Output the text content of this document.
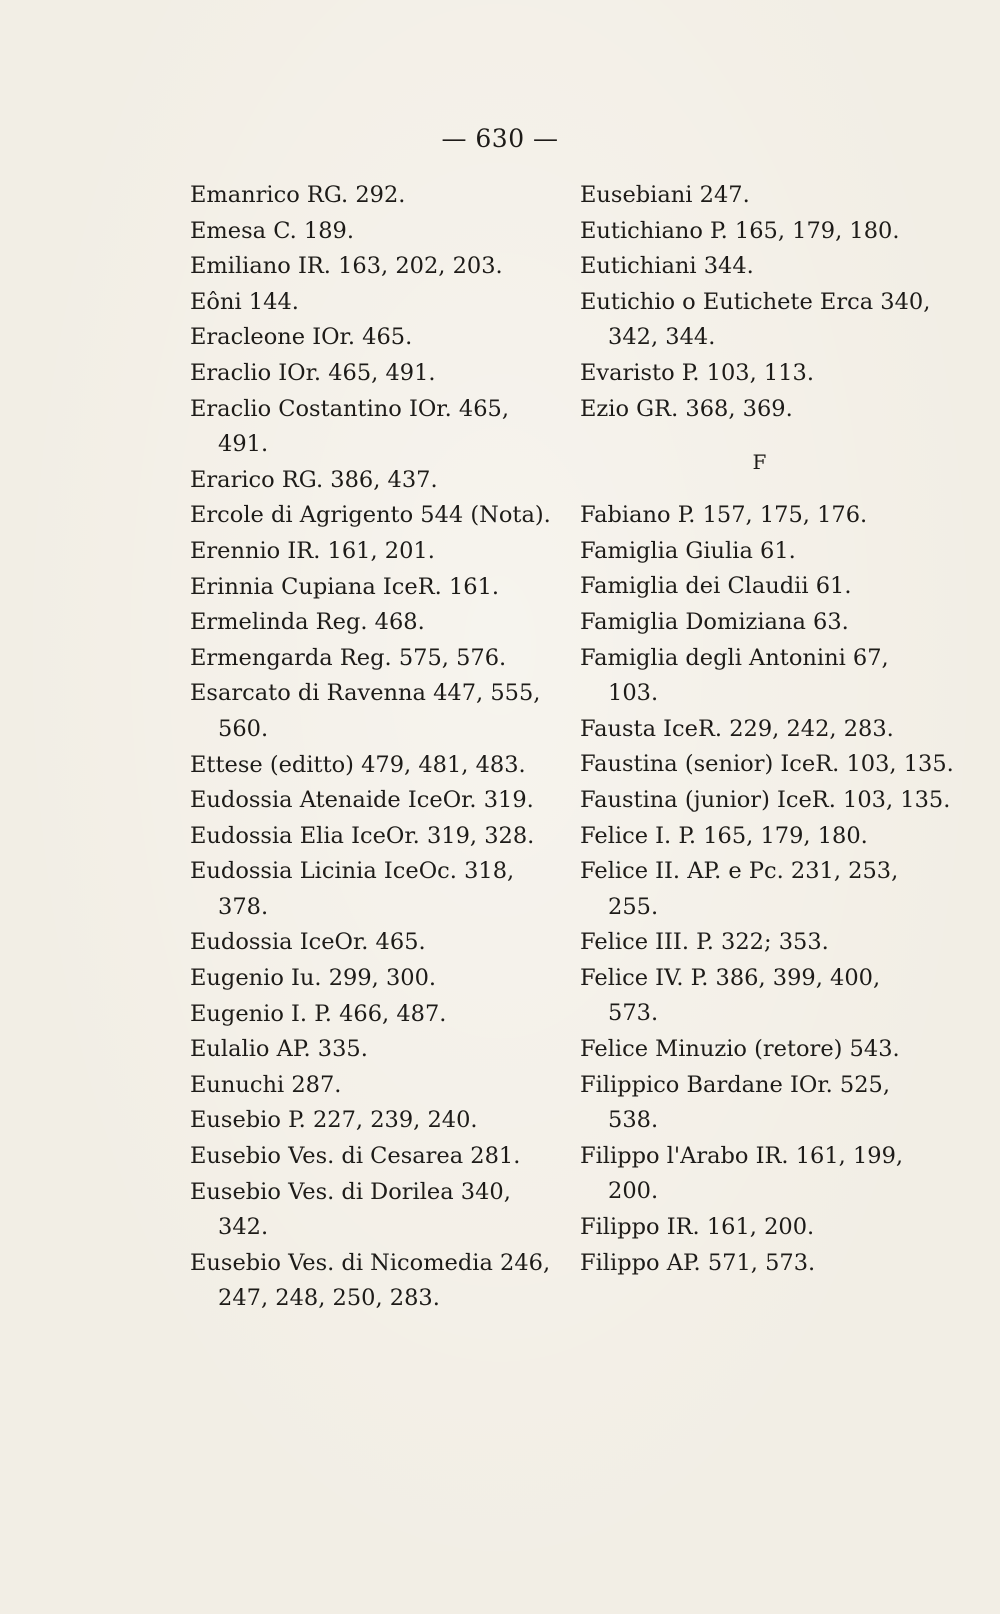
— 630 —
Emanrico RG. 292.
Emesa C. 189.
Emiliano IR. 163, 202, 203.
Eôni 144.
Eracleone IOr. 465.
Eraclio IOr. 465, 491.
Eraclio Costantino IOr. 465,
491.
Erarico RG. 386, 437.
Ercole di Agrigento 544 (Nota).
Erennio IR. 161, 201.
Erinnia Cupiana IceR. 161.
Ermelinda Reg. 468.
Ermengarda Reg. 575, 576.
Esarcato di Ravenna 447, 555,
560.
Ettese (editto) 479, 481, 483.
Eudossia Atenaide IceOr. 319.
Eudossia Elia IceOr. 319, 328.
Eudossia Licinia IceOc. 318,
378.
Eudossia IceOr. 465.
Eugenio Iu. 299, 300.
Eugenio I. P. 466, 487.
Eulalio AP. 335.
Eunuchi 287.
Eusebio P. 227, 239, 240.
Eusebio Ves. di Cesarea 281.
Eusebio Ves. di Dorilea 340,
342.
Eusebio Ves. di Nicomedia 246,
247, 248, 250, 283.
Eusebiani 247.
Eutichiano P. 165, 179, 180.
Eutichiani 344.
Eutichio o Eutichete Erca 340,
342, 344.
Evaristo P. 103, 113.
Ezio GR. 368, 369.
F
Fabiano P. 157, 175, 176.
Famiglia Giulia 61.
Famiglia dei Claudii 61.
Famiglia Domiziana 63.
Famiglia degli Antonini 67,
103.
Fausta IceR. 229, 242, 283.
Faustina (senior) IceR. 103, 135.
Faustina (junior) IceR. 103, 135.
Felice I. P. 165, 179, 180.
Felice II. AP. e Pc. 231, 253,
255.
Felice III. P. 322; 353.
Felice IV. P. 386, 399, 400,
573.
Felice Minuzio (retore) 543.
Filippico Bardane IOr. 525,
538.
Filippo l'Arabo IR. 161, 199,
200.
Filippo IR. 161, 200.
Filippo AP. 571, 573.
